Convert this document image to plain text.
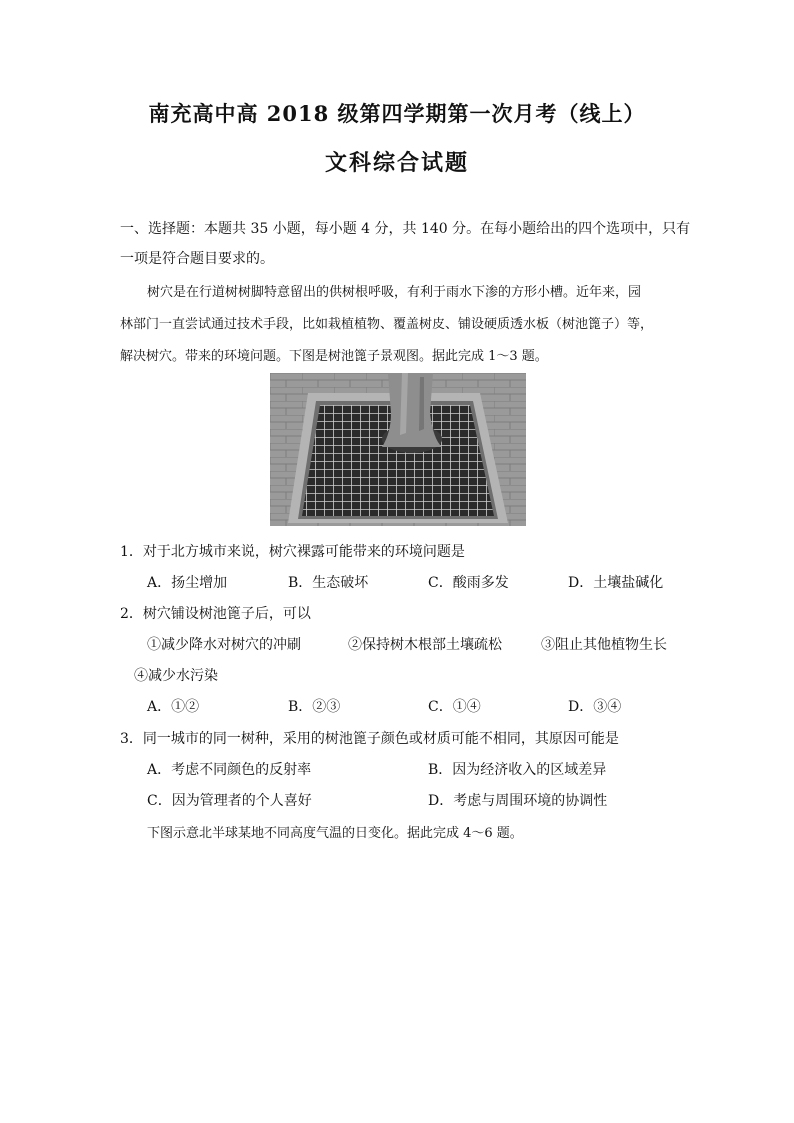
南充高中高 2018 级第四学期第一次月考（线上）
文科综合试题
一、选择题：本题共 35 小题，每小题 4 分，共 140 分。在每小题给出的四个选项中，只有
一项是符合题目要求的。
树穴是在行道树树脚特意留出的供树根呼吸，有利于雨水下渗的方形小槽。近年来，园
林部门一直尝试通过技术手段，比如栽植植物、覆盖树皮、铺设硬质透水板（树池篦子）等，
解决树穴。带来的环境问题。下图是树池篦子景观图。据此完成 1～3 题。
1．对于北方城市来说，树穴裸露可能带来的环境问题是
A．扬尘增加	B．生态破坏	C．酸雨多发	D．土壤盐碱化
2．树穴铺设树池篦子后，可以
①减少降水对树穴的冲刷	②保持树木根部土壤疏松	③阻止其他植物生长
④减少水污染
A．①②	B．②③	C．①④	D．③④
3．同一城市的同一树种，采用的树池篦子颜色或材质可能不相同，其原因可能是
A．考虑不同颜色的反射率	B．因为经济收入的区域差异
C．因为管理者的个人喜好	D．考虑与周围环境的协调性
下图示意北半球某地不同高度气温的日变化。据此完成 4～6 题。
